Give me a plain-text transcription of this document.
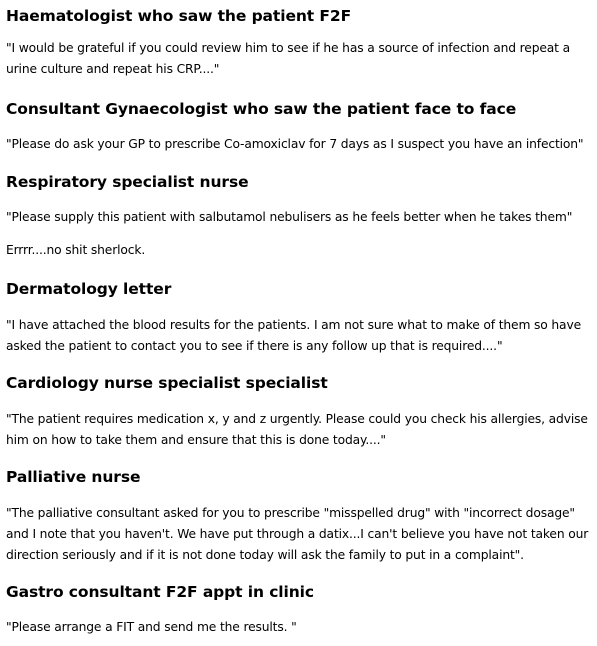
Haematologist who saw the patient F2F

"I would be grateful if you could review him to see if he has a source of infection and repeat a urine culture and repeat his CRP...."

Consultant Gynaecologist who saw the patient face to face

"Please do ask your GP to prescribe Co-amoxiclav for 7 days as I suspect you have an infection"

Respiratory specialist nurse

"Please supply this patient with salbutamol nebulisers as he feels better when he takes them"

Errrr....no shit sherlock.

Dermatology letter

"I have attached the blood results for the patients. I am not sure what to make of them so have asked the patient to contact you to see if there is any follow up that is required...."

Cardiology nurse specialist specialist

"The patient requires medication x, y and z urgently. Please could you check his allergies, advise him on how to take them and ensure that this is done today...."

Palliative nurse

"The palliative consultant asked for you to prescribe "misspelled drug" with "incorrect dosage" and I note that you haven't. We have put through a datix...I can't believe you have not taken our direction seriously and if it is not done today will ask the family to put in a complaint".

Gastro consultant F2F appt in clinic

"Please arrange a FIT and send me the results. "
